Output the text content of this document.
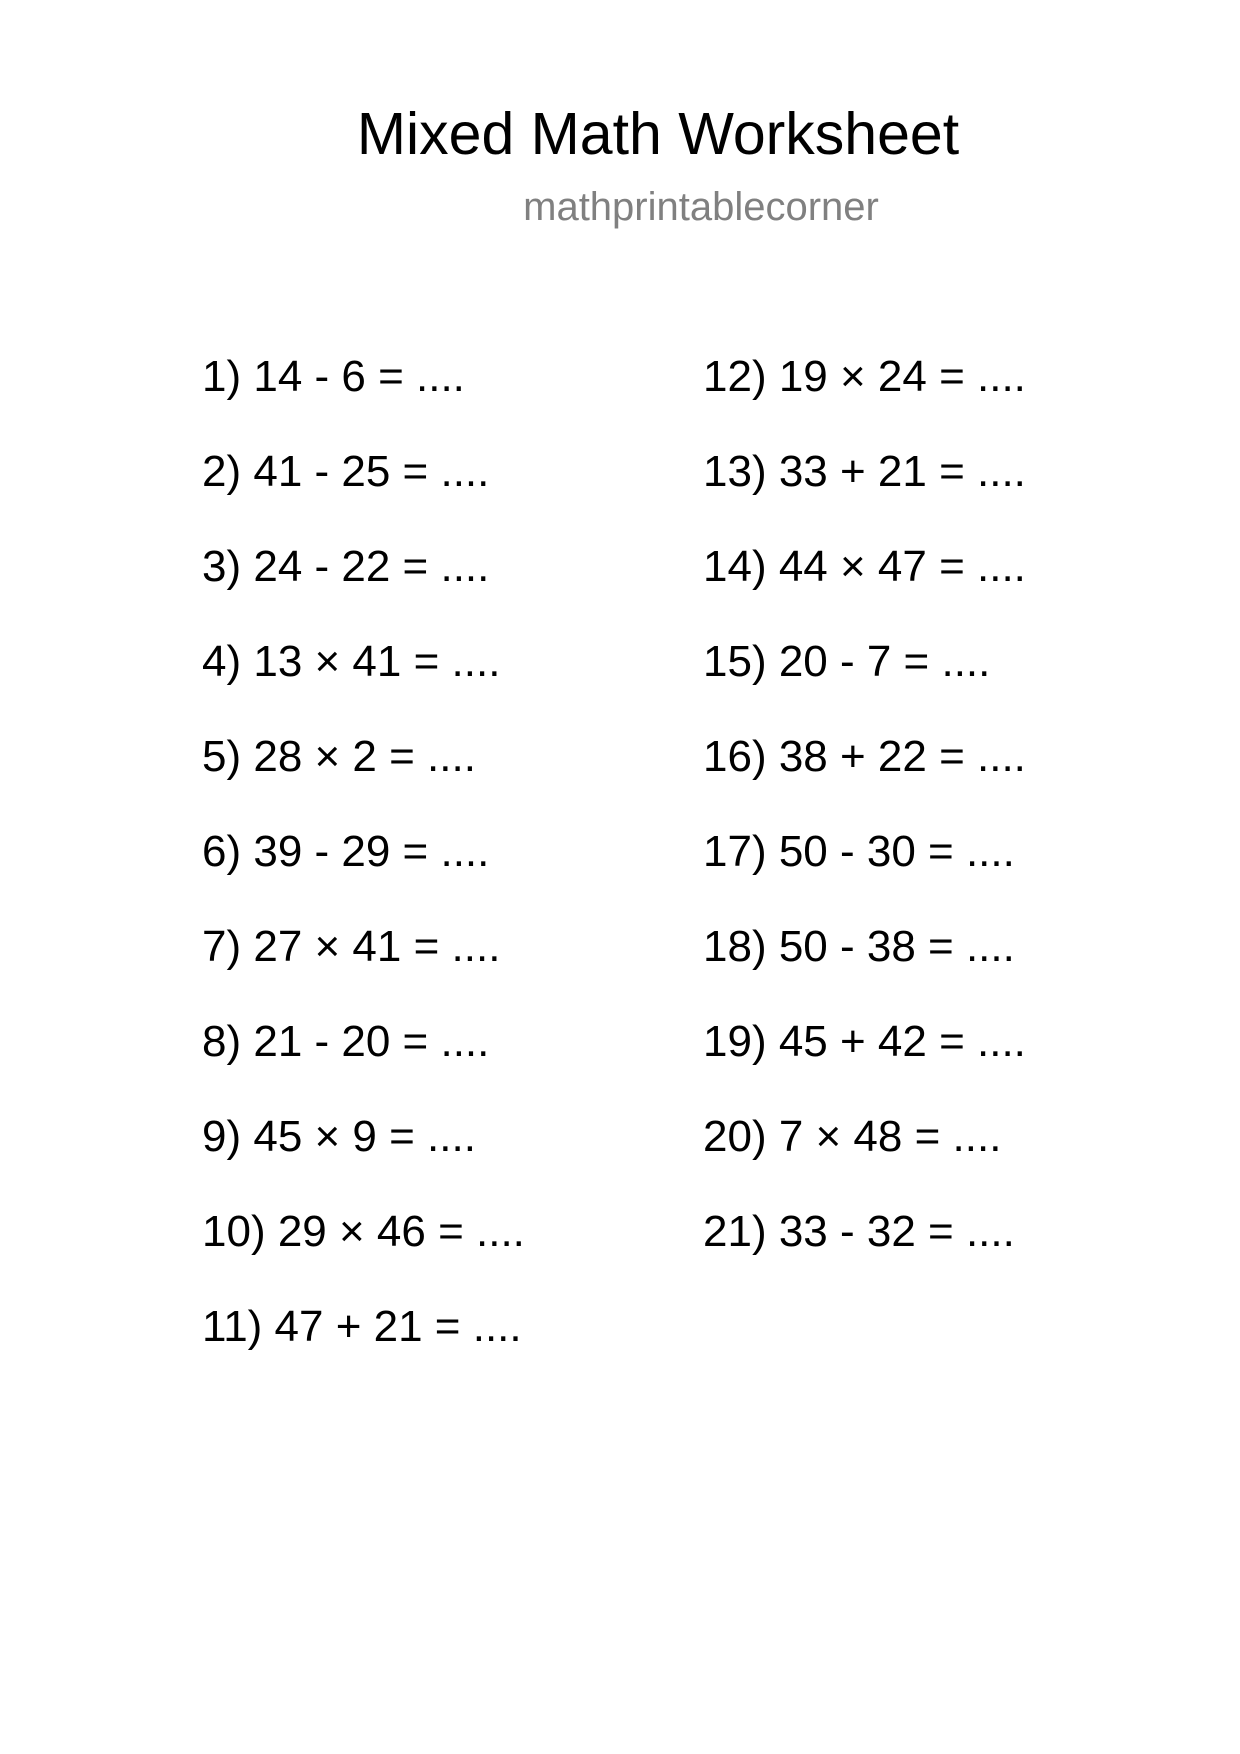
Mixed Math Worksheet
mathprintablecorner
1) 14 - 6 = ....
2) 41 - 25 = ....
3) 24 - 22 = ....
4) 13 × 41 = ....
5) 28 × 2 = ....
6) 39 - 29 = ....
7) 27 × 41 = ....
8) 21 - 20 = ....
9) 45 × 9 = ....
10) 29 × 46 = ....
11) 47 + 21 = ....
12) 19 × 24 = ....
13) 33 + 21 = ....
14) 44 × 47 = ....
15) 20 - 7 = ....
16) 38 + 22 = ....
17) 50 - 30 = ....
18) 50 - 38 = ....
19) 45 + 42 = ....
20) 7 × 48 = ....
21) 33 - 32 = ....
